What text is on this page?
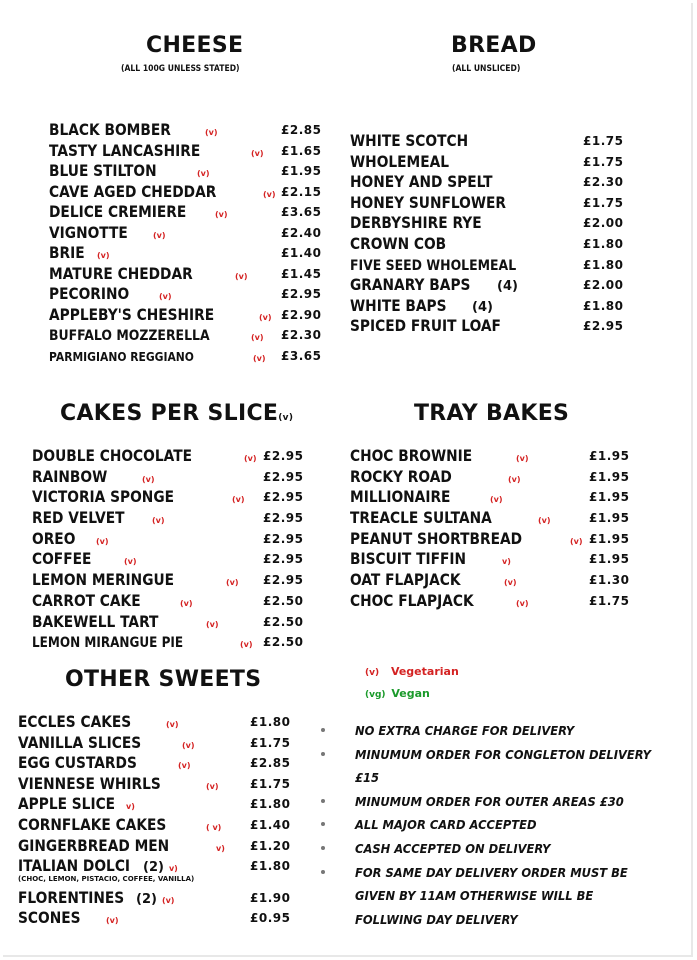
CHEESE
(ALL 100G UNLESS STATED)
BLACK BOMBER	(v)	£2.85
TASTY LANCASHIRE	(v) £1.65
BLUE STILTON	(v)	£1.95
CAVE AGED CHEDDAR	(v) £2.15
DELICE CREMIERE	(v)	£3.65
VIGNOTTE	(v)	£2.40
BRIE (v)	£1.40
MATURE CHEDDAR	(v)	£1.45
PECORINO	(v)	£2.95
APPLEBY'S CHESHIRE	(v) £2.90
BUFFALO MOZZERELLA	(v) £2.30
PARMIGIANO REGGIANO	(v) £3.65
BREAD
(ALL UNSLICED)
WHITE SCOTCH	£1.75
WHOLEMEAL	£1.75
HONEY AND SPELT	£2.30
HONEY SUNFLOWER	£1.75
DERBYSHIRE RYE	£2.00
CROWN COB	£1.80
FIVE SEED WHOLEMEAL	£1.80
GRANARY BAPS (4)	£2.00
WHITE BAPS (4)	£1.80
SPICED FRUIT LOAF	£2.95
CAKES PER SLICE(v)
DOUBLE CHOCOLATE	(v) £2.95
RAINBOW	(v)	£2.95
VICTORIA SPONGE	(v) £2.95
RED VELVET	(v)	£2.95
OREO	(v)	£2.95
COFFEE	(v)	£2.95
LEMON MERINGUE	(v) £2.95
CARROT CAKE	(v)	£2.50
BAKEWELL TART	(v)	£2.50
LEMON MIRANGUE PIE	(v) £2.50
TRAY BAKES
CHOC BROWNIE	(v)	£1.95
ROCKY ROAD	(v)	£1.95
MILLIONAIRE	(v)	£1.95
TREACLE SULTANA	(v)	£1.95
PEANUT SHORTBREAD	(v) £1.95
BISCUIT TIFFIN	v)	£1.95
OAT FLAPJACK	(v)	£1.30
CHOC FLAPJACK	(v)	£1.75
OTHER SWEETS
ECCLES CAKES	(v)	£1.80
VANILLA SLICES	(v)	£1.75
EGG CUSTARDS	(v)	£2.85
VIENNESE WHIRLS	(v)	£1.75
APPLE SLICE v)	£1.80
CORNFLAKE CAKES	( v) £1.40
GINGERBREAD MEN	v) £1.20
ITALIAN DOLCI (2) v)	£1.80
FLORENTINES (2) (v)	£1.90
SCONES	(v)	£0.95
(CHOC, LEMON, PISTACIO, COFFEE, VANILLA)
(v) Vegetarian
(vg) Vegan
NO EXTRA CHARGE FOR DELIVERY
MINUMUM ORDER FOR CONGLETON DELIVERY
£15
MINUMUM ORDER FOR OUTER AREAS £30
ALL MAJOR CARD ACCEPTED
CASH ACCEPTED ON DELIVERY
FOR SAME DAY DELIVERY ORDER MUST BE
GIVEN BY 11AM OTHERWISE WILL BE
FOLLWING DAY DELIVERY
